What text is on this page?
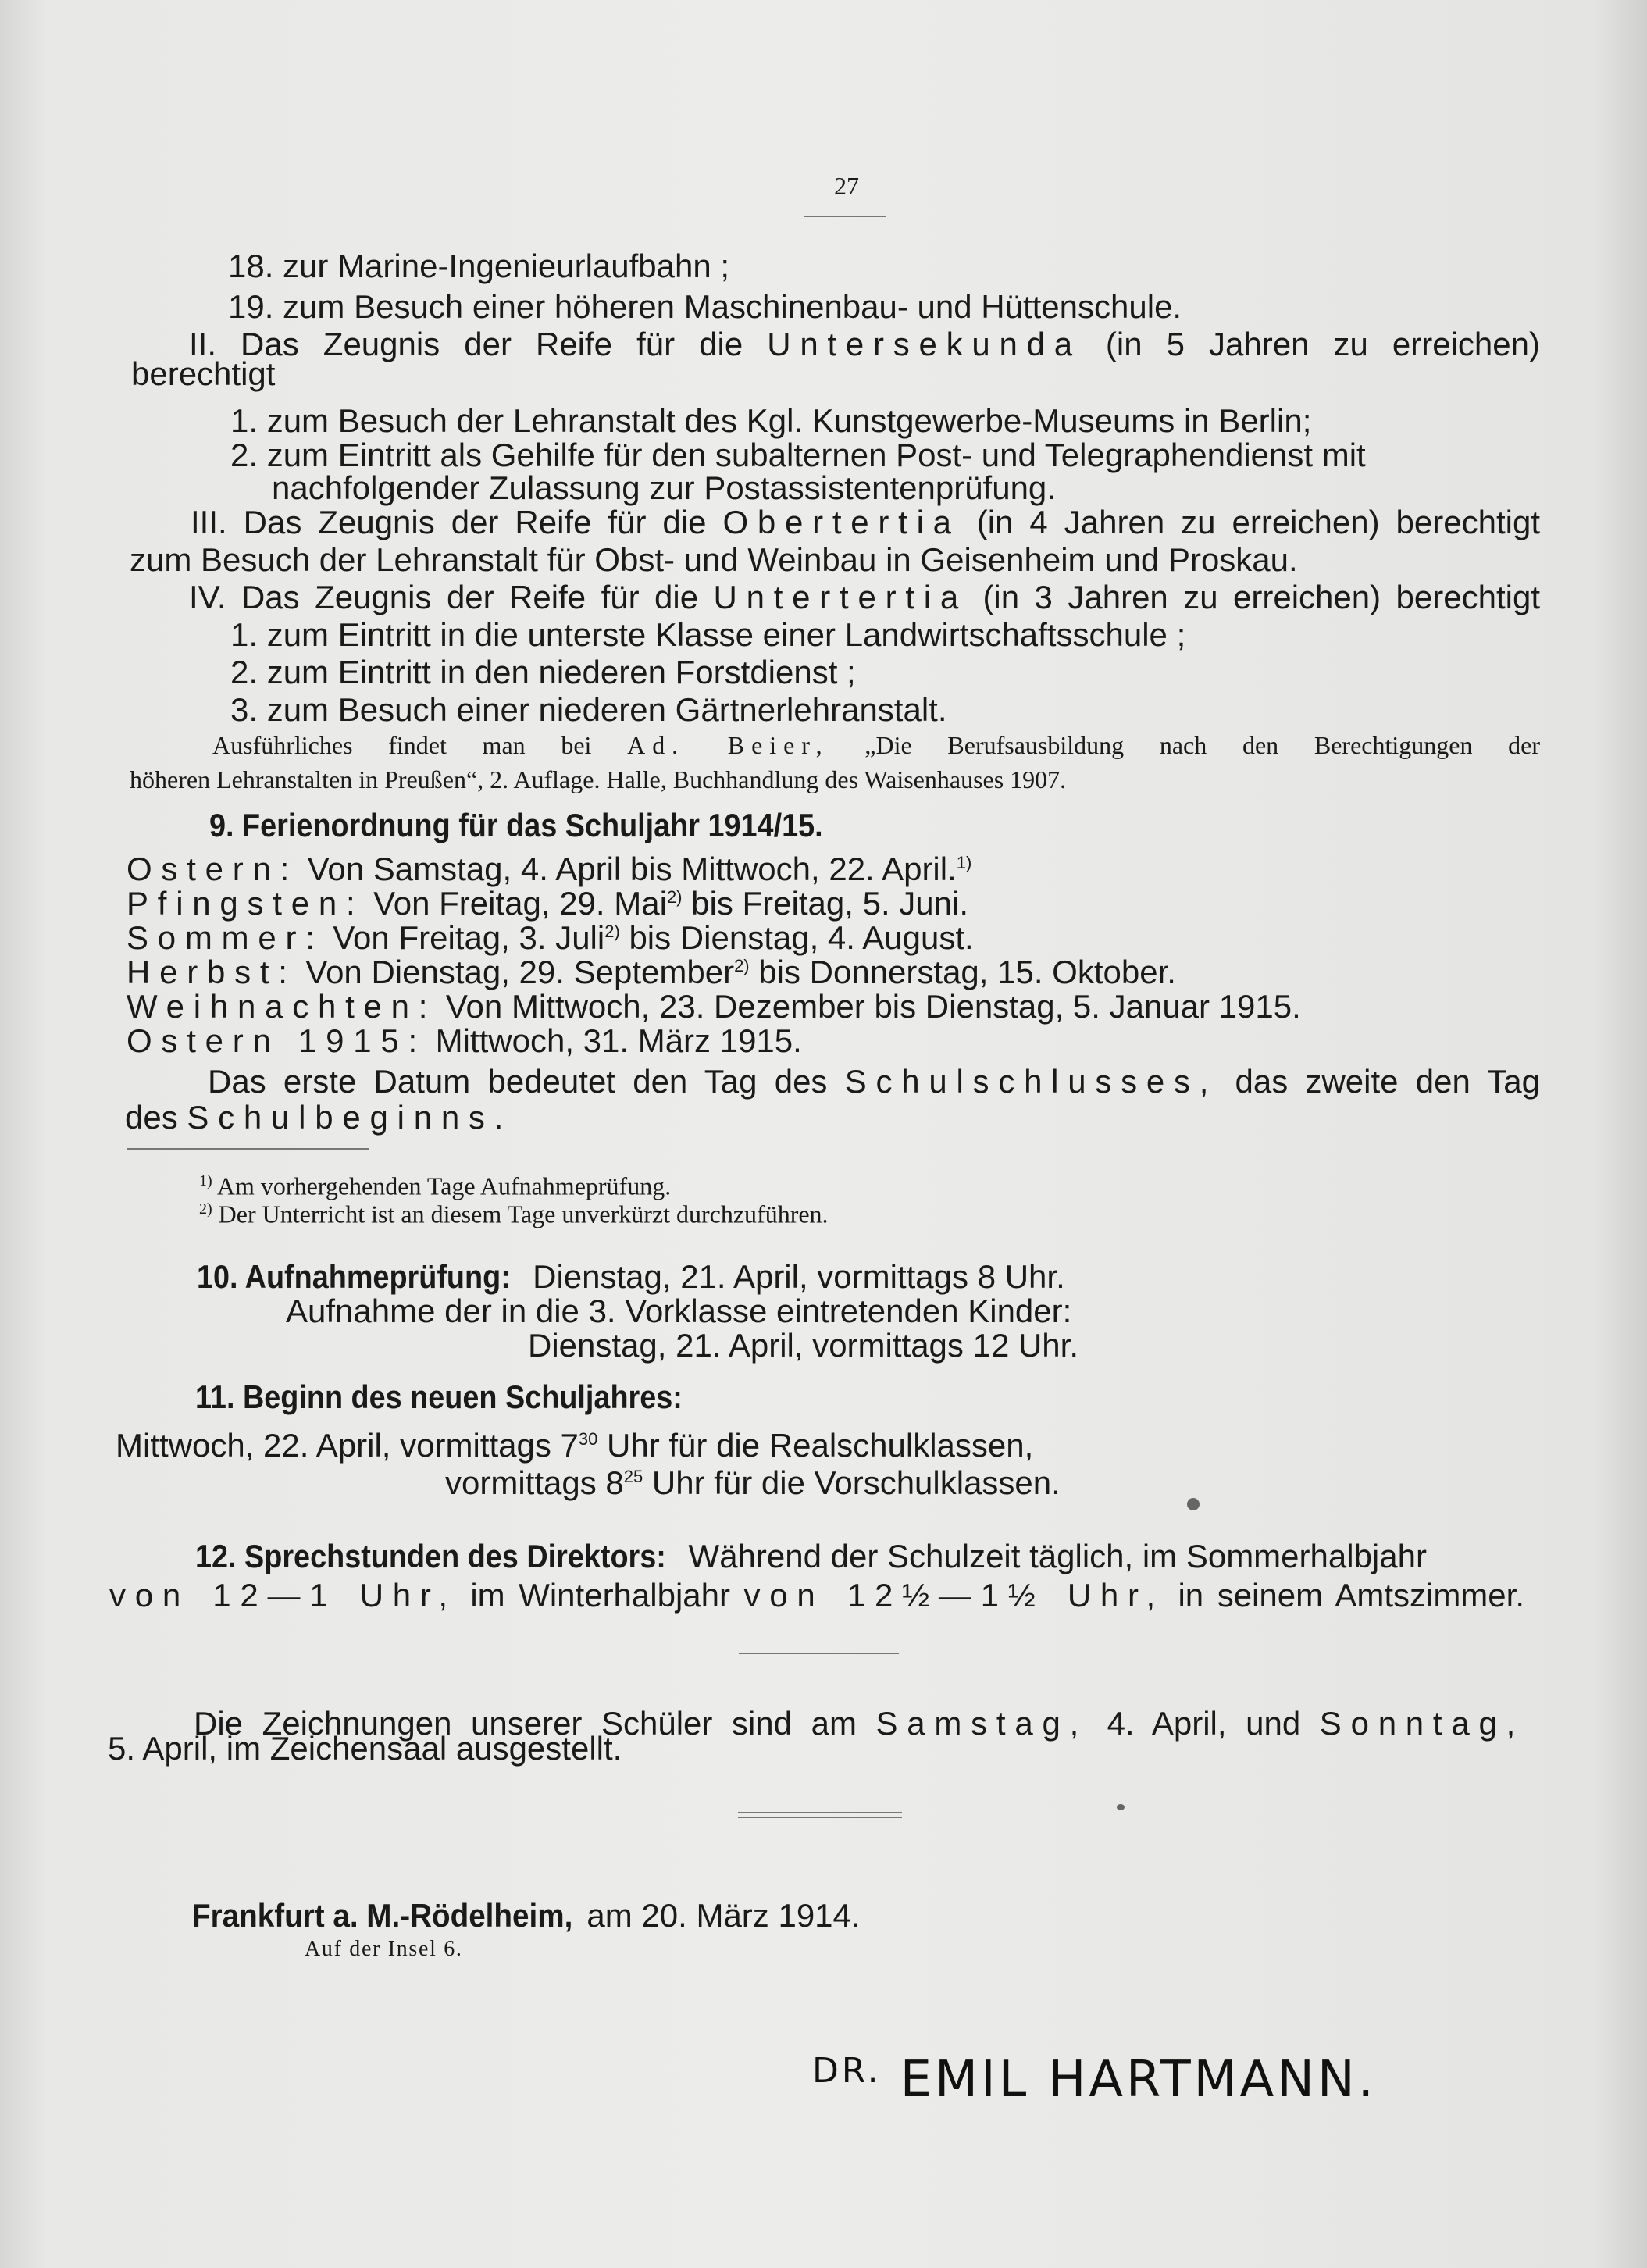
27
18. zur Marine-Ingenieurlaufbahn ;
19. zum Besuch einer höheren Maschinenbau- und Hüttenschule.
II. Das Zeugnis der Reife für die Untersekunda (in 5 Jahren zu erreichen)
berechtigt
1. zum Besuch der Lehranstalt des Kgl. Kunstgewerbe-Museums in Berlin;
2. zum Eintritt als Gehilfe für den subalternen Post- und Telegraphendienst mit
nachfolgender Zulassung zur Postassistentenprüfung.
III. Das Zeugnis der Reife für die Obertertia (in 4 Jahren zu erreichen) berechtigt
zum Besuch der Lehranstalt für Obst- und Weinbau in Geisenheim und Proskau.
IV. Das Zeugnis der Reife für die Untertertia (in 3 Jahren zu erreichen) berechtigt
1. zum Eintritt in die unterste Klasse einer Landwirtschaftsschule ;
2. zum Eintritt in den niederen Forstdienst ;
3. zum Besuch einer niederen Gärtnerlehranstalt.
Ausführliches findet man bei Ad. Beier, „Die Berufsausbildung nach den Berechtigungen der
höheren Lehranstalten in Preußen“, 2. Auflage. Halle, Buchhandlung des Waisenhauses 1907.
9. Ferienordnung für das Schuljahr 1914/15.
Ostern: Von Samstag, 4. April bis Mittwoch, 22. April.$^{1)}$
Pfingsten: Von Freitag, 29. Mai$^{2)}$ bis Freitag, 5. Juni.
Sommer: Von Freitag, 3. Juli$^{2)}$ bis Dienstag, 4. August.
Herbst: Von Dienstag, 29. September$^{2)}$ bis Donnerstag, 15. Oktober.
Weihnachten: Von Mittwoch, 23. Dezember bis Dienstag, 5. Januar 1915.
Ostern 1915: Mittwoch, 31. März 1915.
Das erste Datum bedeutet den Tag des Schulschlusses, das zweite den Tag
des Schulbeginns.
$^{1)}$ Am vorhergehenden Tage Aufnahmeprüfung.
$^{2)}$ Der Unterricht ist an diesem Tage unverkürzt durchzuführen.
10. Aufnahmeprüfung: Dienstag, 21. April, vormittags 8 Uhr.
Aufnahme der in die 3. Vorklasse eintretenden Kinder:
Dienstag, 21. April, vormittags 12 Uhr.
11. Beginn des neuen Schuljahres:
Mittwoch, 22. April, vormittags $7^{30}$ Uhr für die Realschulklassen,
vormittags $8^{25}$ Uhr für die Vorschulklassen.
12. Sprechstunden des Direktors: Während der Schulzeit täglich, im Sommerhalbjahr
von 12—1 Uhr, im Winterhalbjahr von 12½—1½ Uhr, in seinem Amtszimmer.
Die Zeichnungen unserer Schüler sind am Samstag, 4. April, und Sonntag,
5. April, im Zeichensaal ausgestellt.
Frankfurt a. M.-Rödelheim, am 20. März 1914.
Auf der Insel 6.
$^{DR.}$ EMIL HARTMANN.
